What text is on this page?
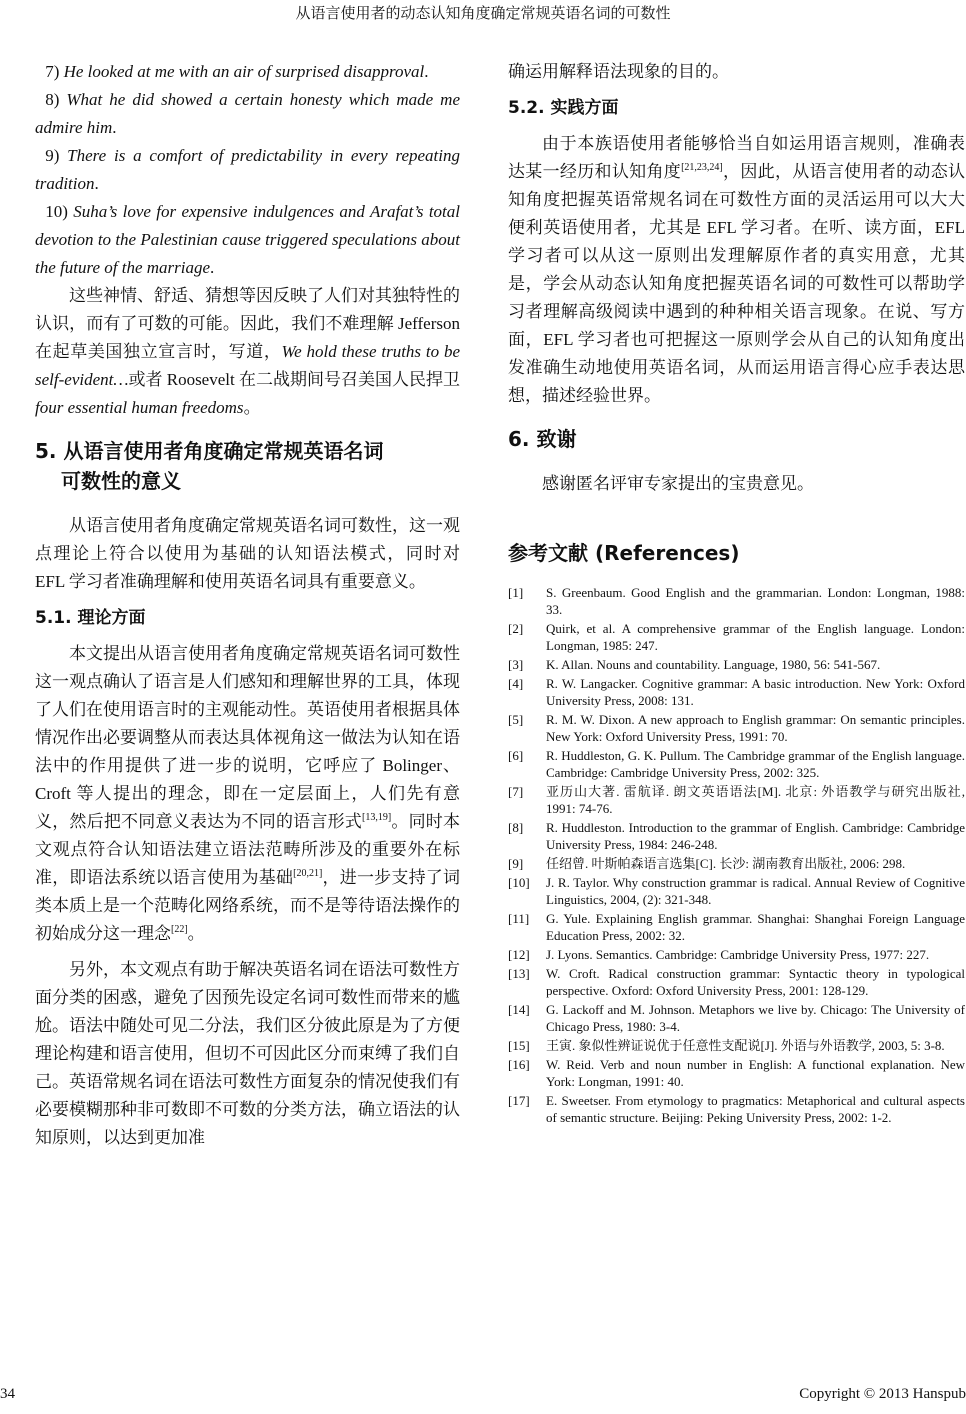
从语言使用者的动态认知角度确定常规英语名词的可数性

7) He looked at me with an air of surprised disapproval.

8) What he did showed a certain honesty which made me admire him.

9) There is a comfort of predictability in every repeating tradition.

10) Suha’s love for expensive indulgences and Arafat’s total devotion to the Palestinian cause triggered speculations about the future of the marriage.

这些神情、舒适、猜想等因反映了人们对其独特性的认识，而有了可数的可能。因此，我们不难理解 Jefferson 在起草美国独立宣言时，写道，We hold these truths to be self-evident…或者 Roosevelt 在二战期间号召美国人民捍卫 four essential human freedoms。

5. 从语言使用者角度确定常规英语名词
可数性的意义

从语言使用者角度确定常规英语名词可数性，这一观点理论上符合以使用为基础的认知语法模式，同时对 EFL 学习者准确理解和使用英语名词具有重要意义。

5.1. 理论方面

本文提出从语言使用者角度确定常规英语名词可数性这一观点确认了语言是人们感知和理解世界的工具，体现了人们在使用语言时的主观能动性。英语使用者根据具体情况作出必要调整从而表达具体视角这一做法为认知在语法中的作用提供了进一步的说明，它呼应了 Bolinger、Croft 等人提出的理念，即在一定层面上，人们先有意义，然后把不同意义表达为不同的语言形式[13,19]。同时本文观点符合认知语法建立语法范畴所涉及的重要外在标准，即语法系统以语言使用为基础[20,21]，进一步支持了词类本质上是一个范畴化网络系统，而不是等待语法操作的初始成分这一理念[22]。

另外，本文观点有助于解决英语名词在语法可数性方面分类的困惑，避免了因预先设定名词可数性而带来的尴尬。语法中随处可见二分法，我们区分彼此原是为了方便理论构建和语言使用，但切不可因此区分而束缚了我们自己。英语常规名词在语法可数性方面复杂的情况使我们有必要模糊那种非可数即不可数的分类方法，确立语法的认知原则，以达到更加准

确运用解释语法现象的目的。

5.2. 实践方面

由于本族语使用者能够恰当自如运用语言规则，准确表达某一经历和认知角度[21,23,24]，因此，从语言使用者的动态认知角度把握英语常规名词在可数性方面的灵活运用可以大大便利英语使用者，尤其是 EFL 学习者。在听、读方面，EFL 学习者可以从这一原则出发理解原作者的真实用意，尤其是，学会从动态认知角度把握英语名词的可数性可以帮助学习者理解高级阅读中遇到的种种相关语言现象。在说、写方面，EFL 学习者也可把握这一原则学会从自己的认知角度出发准确生动地使用英语名词，从而运用语言得心应手表达思想，描述经验世界。

6. 致谢

感谢匿名评审专家提出的宝贵意见。

参考文献 (References)
[1]	S. Greenbaum. Good English and the grammarian. London: Longman, 1988: 33.
[2]	Quirk, et al. A comprehensive grammar of the English language. London: Longman, 1985: 247.
[3]	K. Allan. Nouns and countability. Language, 1980, 56: 541-567.
[4]	R. W. Langacker. Cognitive grammar: A basic introduction. New York: Oxford University Press, 2008: 131.
[5]	R. M. W. Dixon. A new approach to English grammar: On semantic principles. New York: Oxford University Press, 1991: 70.
[6]	R. Huddleston, G. K. Pullum. The Cambridge grammar of the English language. Cambridge: Cambridge University Press, 2002: 325.
[7]	亚历山大著. 雷航译. 朗文英语语法[M]. 北京: 外语教学与研究出版社, 1991: 74-76.
[8]	R. Huddleston. Introduction to the grammar of English. Cambridge: Cambridge University Press, 1984: 246-248.
[9]	任绍曾. 叶斯帕森语言选集[C]. 长沙: 湖南教育出版社, 2006: 298.
[10]	J. R. Taylor. Why construction grammar is radical. Annual Review of Cognitive Linguistics, 2004, (2): 321-348.
[11]	G. Yule. Explaining English grammar. Shanghai: Shanghai Foreign Language Education Press, 2002: 32.
[12]	J. Lyons. Semantics. Cambridge: Cambridge University Press, 1977: 227.
[13]	W. Croft. Radical construction grammar: Syntactic theory in typological perspective. Oxford: Oxford University Press, 2001: 128-129.
[14]	G. Lackoff and M. Johnson. Metaphors we live by. Chicago: The University of Chicago Press, 1980: 3-4.
[15]	王寅. 象似性辨证说优于任意性支配说[J]. 外语与外语教学, 2003, 5: 3-8.
[16]	W. Reid. Verb and noun number in English: A functional explanation. New York: Longman, 1991: 40.
[17]	E. Sweetser. From etymology to pragmatics: Metaphorical and cultural aspects of semantic structure. Beijing: Peking University Press, 2002: 1-2.
34	Copyright © 2013 Hanspub
